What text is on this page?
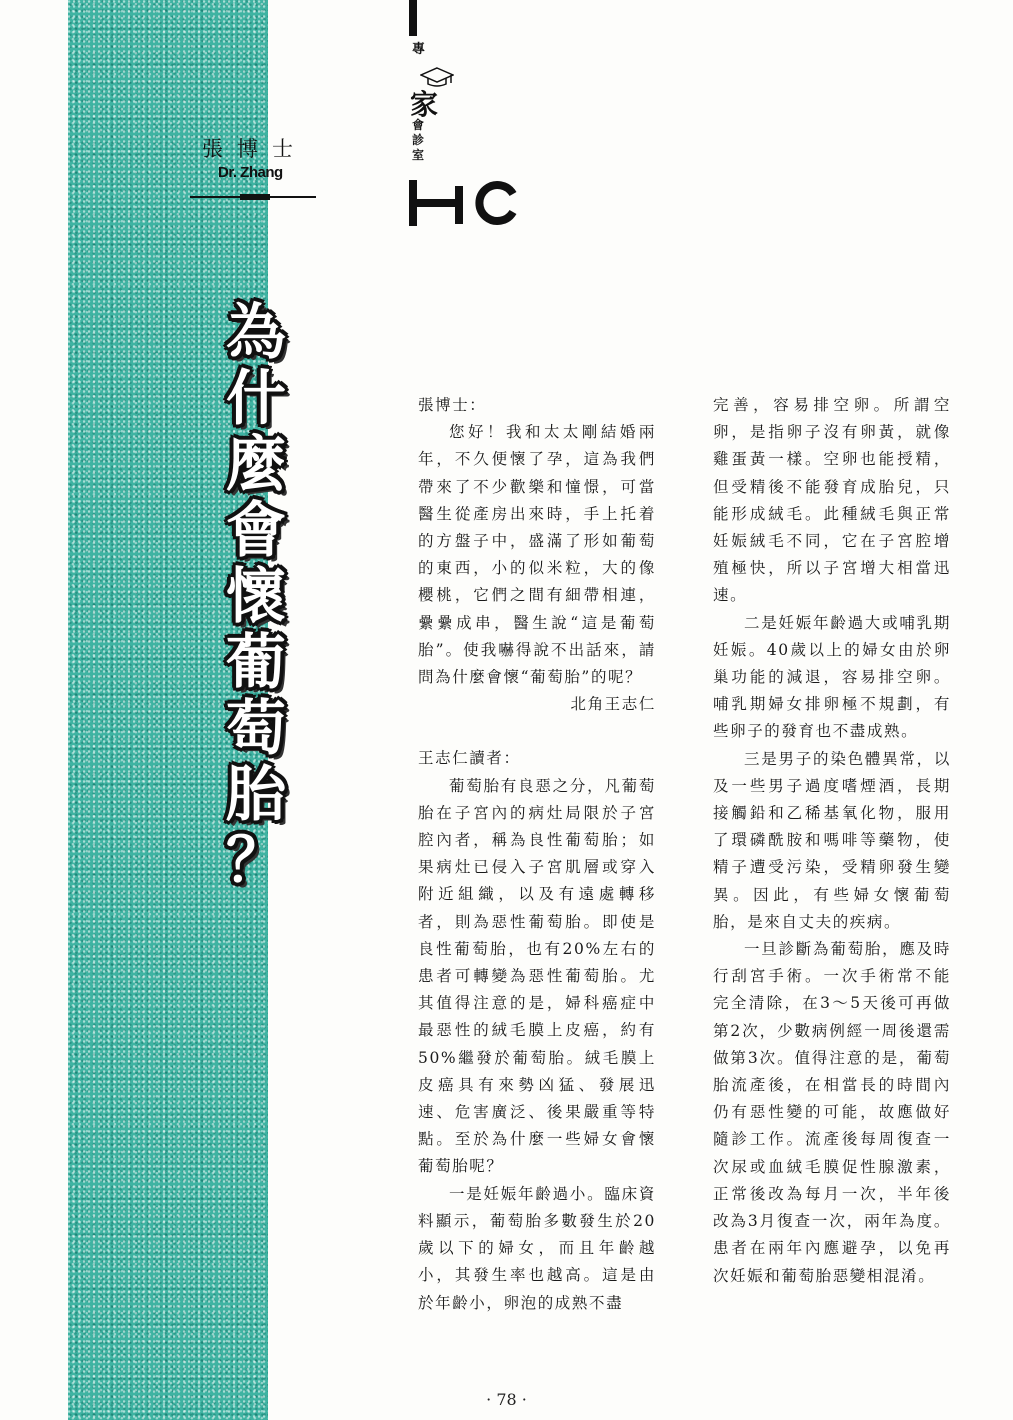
張博士
Dr. Zhang
專
家
會診室
為
什
麼
會
懷
葡
萄
胎
？

張博士：

您好！我和太太剛結婚兩年，不久便懷了孕，這為我們帶來了不少歡樂和憧憬，可當醫生從產房出來時，手上托着的方盤子中，盛滿了形如葡萄的東西，小的似米粒，大的像櫻桃，它們之間有細帶相連，纍纍成串，醫生說“這是葡萄胎”。使我嚇得說不出話來，請問為什麼會懷“葡萄胎”的呢？

北角王志仁

王志仁讀者：

葡萄胎有良惡之分，凡葡萄胎在子宮內的病灶局限於子宮腔內者，稱為良性葡萄胎；如果病灶已侵入子宮肌層或穿入附近組織，以及有遠處轉移者，則為惡性葡萄胎。即使是良性葡萄胎，也有20%左右的患者可轉變為惡性葡萄胎。尤其值得注意的是，婦科癌症中最惡性的絨毛膜上皮癌，約有50%繼發於葡萄胎。絨毛膜上皮癌具有來勢凶猛、發展迅速、危害廣泛、後果嚴重等特點。至於為什麼一些婦女會懷葡萄胎呢？

一是妊娠年齡過小。臨床資料顯示，葡萄胎多數發生於20歲以下的婦女，而且年齡越小，其發生率也越高。這是由於年齡小，卵泡的成熟不盡

完善，容易排空卵。所謂空卵，是指卵子沒有卵黃，就像雞蛋黃一樣。空卵也能授精，但受精後不能發育成胎兒，只能形成絨毛。此種絨毛與正常妊娠絨毛不同，它在子宮腔增殖極快，所以子宮增大相當迅速。

二是妊娠年齡過大或哺乳期妊娠。40歲以上的婦女由於卵巢功能的減退，容易排空卵。哺乳期婦女排卵極不規劃，有些卵子的發育也不盡成熟。

三是男子的染色體異常，以及一些男子過度嗜煙酒，長期接觸鉛和乙稀基氧化物，服用了環磷酰胺和嗎啡等藥物，使精子遭受污染，受精卵發生變異。因此，有些婦女懷葡萄胎，是來自丈夫的疾病。

一旦診斷為葡萄胎，應及時行刮宮手術。一次手術常不能完全清除，在3～5天後可再做第2次，少數病例經一周後還需做第3次。值得注意的是，葡萄胎流產後，在相當長的時間內仍有惡性變的可能，故應做好隨診工作。流產後每周復查一次尿或血絨毛膜促性腺激素，正常後改為每月一次，半年後改為3月復查一次，兩年為度。患者在兩年內應避孕，以免再次妊娠和葡萄胎惡變相混淆。

· 78 ·
